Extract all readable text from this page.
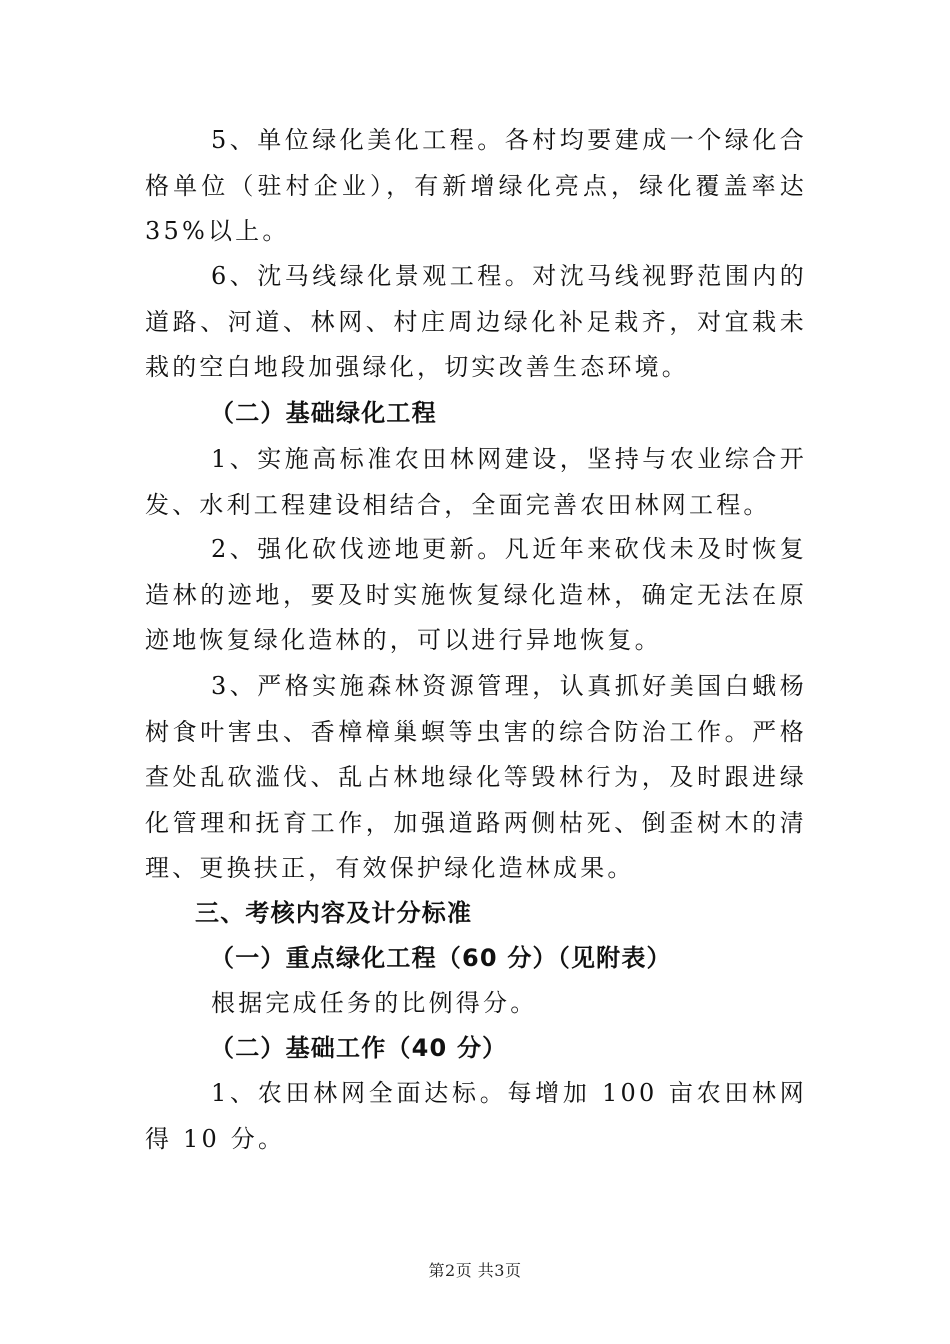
5、单位绿化美化工程。各村均要建成一个绿化合格单位（驻村企业），有新增绿化亮点，绿化覆盖率达 35%以上。

6、沈马线绿化景观工程。对沈马线视野范围内的道路、河道、林网、村庄周边绿化补足栽齐，对宜栽未栽的空白地段加强绿化，切实改善生态环境。

（二）基础绿化工程

1、实施高标准农田林网建设，坚持与农业综合开发、水利工程建设相结合，全面完善农田林网工程。

2、强化砍伐迹地更新。凡近年来砍伐未及时恢复造林的迹地，要及时实施恢复绿化造林，确定无法在原迹地恢复绿化造林的，可以进行异地恢复。

3、严格实施森林资源管理，认真抓好美国白蛾杨树食叶害虫、香樟樟巢螟等虫害的综合防治工作。严格查处乱砍滥伐、乱占林地绿化等毁林行为，及时跟进绿化管理和抚育工作，加强道路两侧枯死、倒歪树木的清理、更换扶正，有效保护绿化造林成果。

三、考核内容及计分标准

（一）重点绿化工程（60 分）（见附表）

根据完成任务的比例得分。

（二）基础工作（40 分）

1、农田林网全面达标。每增加 100 亩农田林网得 10 分。

第2页 共3页
